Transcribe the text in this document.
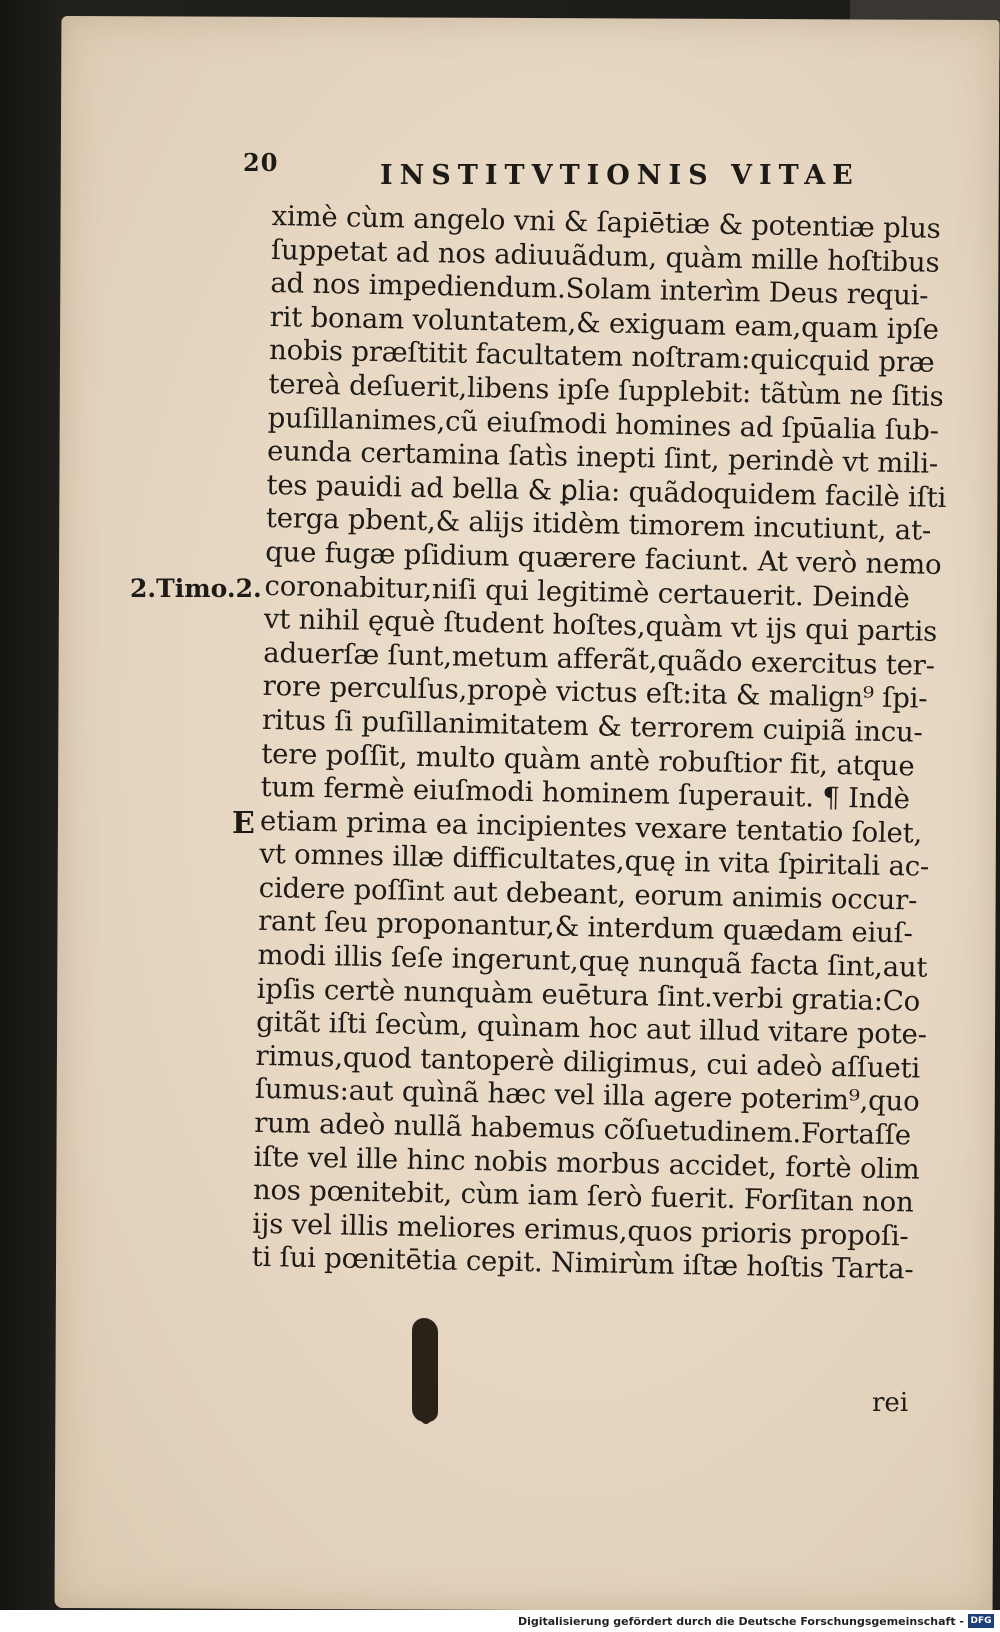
20	INSTITVTIONIS VITAE
2.Timo.2.
E
ximè cùm angelo vni & ſapiētiæ & potentiæ plus
ſuppetat ad nos adiuuãdum, quàm mille hoſtibus
ad nos impediendum.Solam interìm Deus requi-
rit bonam voluntatem,& exiguam eam,quam ipſe
nobis præſtitit facultatem noſtram:quicquid præ
tereà deſuerit,libens ipſe ſupplebit: tãtùm ne ſitis
puſillanimes,cũ eiuſmodi homines ad ſpūalia ſub-
eunda certamina ſatìs inepti ſint, perindè vt mili-
tes pauidi ad bella & ꝑlia: quãdoquidem facilè iſti
terga pbent,& alijs itidèm timorem incutiunt, at-
que fugæ pſidium quærere faciunt. At verò nemo
coronabitur,niſi qui legitimè certauerit. Deindè
vt nihil ęquè ſtudent hoſtes,quàm vt ijs qui partis
aduerſæ ſunt,metum afferãt,quãdo exercitus ter-
rore perculſus,propè victus eſt:ita & malign⁹ ſpi-
ritus ſi puſillanimitatem & terrorem cuipiã incu-
tere poſſit, multo quàm antè robuſtior fit, atque
tum fermè eiuſmodi hominem ſuperauit. ¶ Indè
etiam prima ea incipientes vexare tentatio ſolet,
vt omnes illæ difficultates,quę in vita ſpiritali ac-
cidere poſſint aut debeant, eorum animis occur-
rant ſeu proponantur,& interdum quædam eiuſ-
modi illis ſeſe ingerunt,quę nunquã facta ſint,aut
ipſis certè nunquàm euētura ſint.verbi gratia:Co
gitãt iſti ſecùm, quìnam hoc aut illud vitare pote-
rimus,quod tantoperè diligimus, cui adeò aſſueti
ſumus:aut quìnã hæc vel illa agere poterim⁹,quo
rum adeò nullã habemus cõſuetudinem.Fortaſſe
iſte vel ille hinc nobis morbus accidet, fortè olim
nos pœnitebit, cùm iam ſerò fuerit. Forſitan non
ijs vel illis meliores erimus,quos prioris propoſi-
ti ſui pœnitētia cepit. Nimirùm iſtæ hoſtis Tarta-
rei
Digitalisierung gefördert durch die Deutsche Forschungsgemeinschaft - DFG
